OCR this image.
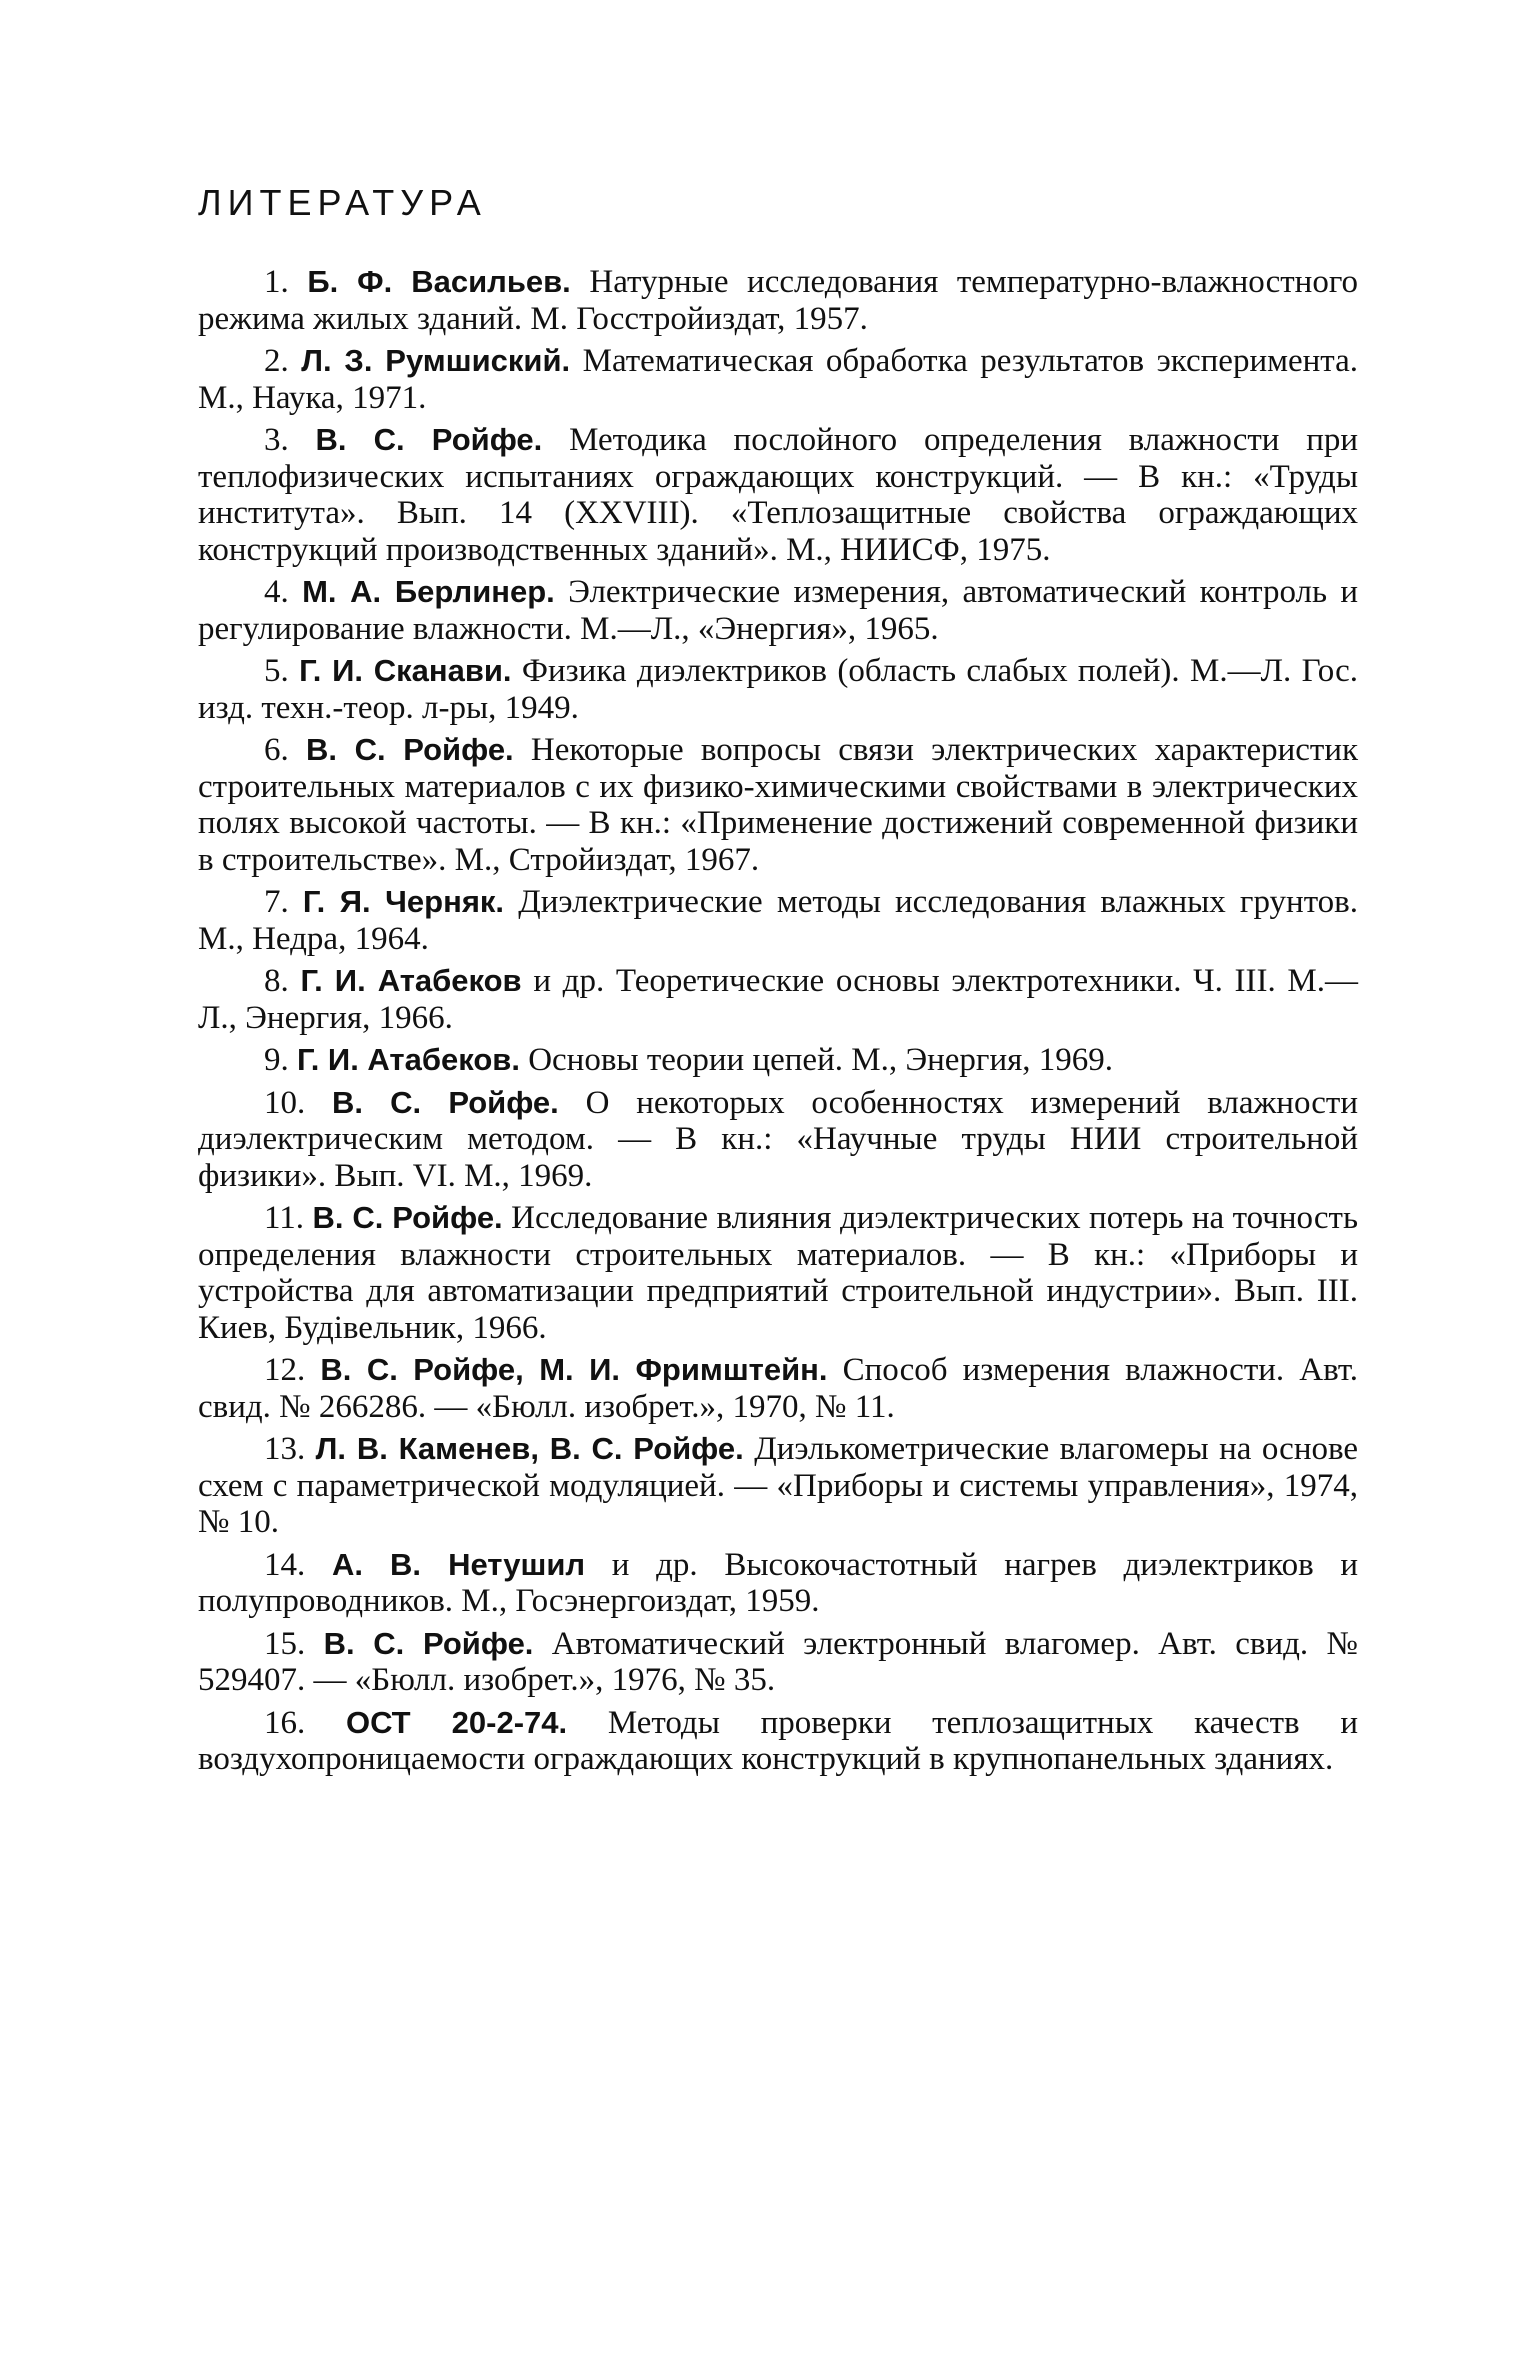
ЛИТЕРАТУРА
1. Б. Ф. Васильев. Натурные исследования температурно-влажностного режима жилых зданий. М. Госстройиздат, 1957.
2. Л. З. Румшиский. Математическая обработка результатов эксперимента. М., Наука, 1971.
3. В. С. Ройфе. Методика послойного определения влажности при теплофизических испытаниях ограждающих конструкций. — В кн.: «Труды института». Вып. 14 (XXVIII). «Теплозащитные свойства ограждающих конструкций производственных зданий». М., НИИСФ, 1975.
4. М. А. Берлинер. Электрические измерения, автоматический контроль и регулирование влажности. М.—Л., «Энергия», 1965.
5. Г. И. Сканави. Физика диэлектриков (область слабых полей). М.—Л. Гос. изд. техн.-теор. л-ры, 1949.
6. В. С. Ройфе. Некоторые вопросы связи электрических характеристик строительных материалов с их физико-химическими свойствами в электрических полях высокой частоты. — В кн.: «Применение достижений современной физики в строительстве». М., Стройиздат, 1967.
7. Г. Я. Черняк. Диэлектрические методы исследования влажных грунтов. М., Недра, 1964.
8. Г. И. Атабеков и др. Теоретические основы электротехники. Ч. III. М.—Л., Энергия, 1966.
9. Г. И. Атабеков. Основы теории цепей. М., Энергия, 1969.
10. В. С. Ройфе. О некоторых особенностях измерений влажности диэлектрическим методом. — В кн.: «Научные труды НИИ строительной физики». Вып. VI. М., 1969.
11. В. С. Ройфе. Исследование влияния диэлектрических потерь на точность определения влажности строительных материалов. — В кн.: «Приборы и устройства для автоматизации предприятий строительной индустрии». Вып. III. Киев, Будiвельник, 1966.
12. В. С. Ройфе, М. И. Фримштейн. Способ измерения влажности. Авт. свид. № 266286. — «Бюлл. изобрет.», 1970, № 11.
13. Л. В. Каменев, В. С. Ройфе. Диэлькометрические влагомеры на основе схем с параметрической модуляцией. — «Приборы и системы управления», 1974, № 10.
14. А. В. Нетушил и др. Высокочастотный нагрев диэлектриков и полупроводников. М., Госэнергоиздат, 1959.
15. В. С. Ройфе. Автоматический электронный влагомер. Авт. свид. № 529407. — «Бюлл. изобрет.», 1976, № 35.
16. ОСТ 20-2-74. Методы проверки теплозащитных качеств и воздухопроницаемости ограждающих конструкций в крупнопанельных зданиях.
